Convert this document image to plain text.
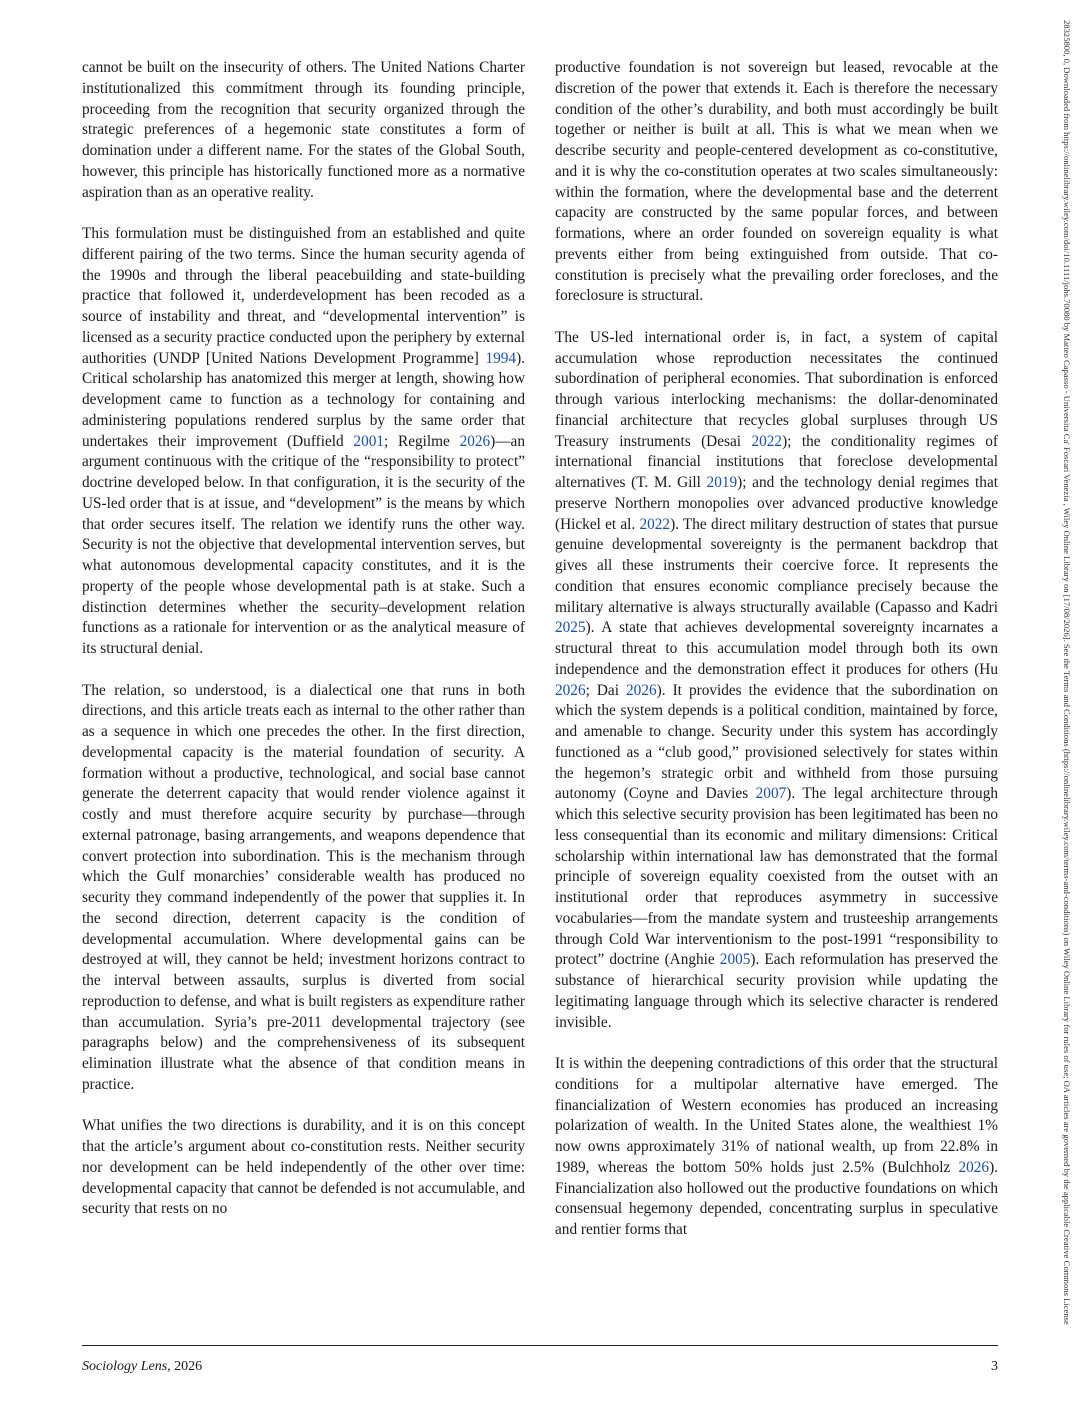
cannot be built on the insecurity of others. The United Nations Charter institutionalized this commitment through its founding principle, proceeding from the recognition that security organized through the strategic preferences of a hegemonic state constitutes a form of domination under a different name. For the states of the Global South, however, this principle has historically functioned more as a normative aspiration than as an operative reality.

This formulation must be distinguished from an established and quite different pairing of the two terms. Since the human security agenda of the 1990s and through the liberal peacebuilding and state-building practice that followed it, underdevelopment has been recoded as a source of instability and threat, and “developmental intervention” is licensed as a security practice conducted upon the periphery by external authorities (UNDP [United Nations Development Programme] 1994). Critical scholarship has anatomized this merger at length, showing how development came to function as a technology for containing and administering populations rendered surplus by the same order that undertakes their improvement (Duffield 2001; Regilme 2026)—an argument continuous with the critique of the “responsibility to protect” doctrine developed below. In that configuration, it is the security of the US-led order that is at issue, and “development” is the means by which that order secures itself. The relation we identify runs the other way. Security is not the objective that developmental intervention serves, but what autonomous developmental capacity constitutes, and it is the property of the people whose developmental path is at stake. Such a distinction determines whether the security–development relation functions as a rationale for intervention or as the analytical measure of its structural denial.

The relation, so understood, is a dialectical one that runs in both directions, and this article treats each as internal to the other rather than as a sequence in which one precedes the other. In the first direction, developmental capacity is the material foundation of security. A formation without a productive, technological, and social base cannot generate the deterrent capacity that would render violence against it costly and must therefore acquire security by purchase—through external patronage, basing arrangements, and weapons dependence that convert protection into subordination. This is the mechanism through which the Gulf monarchies’ considerable wealth has produced no security they command independently of the power that supplies it. In the second direction, deterrent capacity is the condition of developmental accumulation. Where developmental gains can be destroyed at will, they cannot be held; investment horizons contract to the interval between assaults, surplus is diverted from social reproduction to defense, and what is built registers as expenditure rather than accumulation. Syria’s pre-2011 developmental trajectory (see paragraphs below) and the comprehensiveness of its subsequent elimination illustrate what the absence of that condition means in practice.

What unifies the two directions is durability, and it is on this concept that the article’s argument about co-constitution rests. Neither security nor development can be held independently of the other over time: developmental capacity that cannot be defended is not accumulable, and security that rests on no

productive foundation is not sovereign but leased, revocable at the discretion of the power that extends it. Each is therefore the necessary condition of the other’s durability, and both must accordingly be built together or neither is built at all. This is what we mean when we describe security and people-centered development as co-constitutive, and it is why the co-constitution operates at two scales simultaneously: within the formation, where the developmental base and the deterrent capacity are constructed by the same popular forces, and between formations, where an order founded on sovereign equality is what prevents either from being extinguished from outside. That co-constitution is precisely what the prevailing order forecloses, and the foreclosure is structural.

The US-led international order is, in fact, a system of capital accumulation whose reproduction necessitates the continued subordination of peripheral economies. That subordination is enforced through various interlocking mechanisms: the dollar-denominated financial architecture that recycles global surpluses through US Treasury instruments (Desai 2022); the conditionality regimes of international financial institutions that foreclose developmental alternatives (T. M. Gill 2019); and the technology denial regimes that preserve Northern monopolies over advanced productive knowledge (Hickel et al. 2022). The direct military destruction of states that pursue genuine developmental sovereignty is the permanent backdrop that gives all these instruments their coercive force. It represents the condition that ensures economic compliance precisely because the military alternative is always structurally available (Capasso and Kadri 2025). A state that achieves developmental sovereignty incarnates a structural threat to this accumulation model through both its own independence and the demonstration effect it produces for others (Hu 2026; Dai 2026). It provides the evidence that the subordination on which the system depends is a political condition, maintained by force, and amenable to change. Security under this system has accordingly functioned as a “club good,” provisioned selectively for states within the hegemon’s strategic orbit and withheld from those pursuing autonomy (Coyne and Davies 2007). The legal architecture through which this selective security provision has been legitimated has been no less consequential than its economic and military dimensions: Critical scholarship within international law has demonstrated that the formal principle of sovereign equality coexisted from the outset with an institutional order that reproduces asymmetry in successive vocabularies—from the mandate system and trusteeship arrangements through Cold War interventionism to the post-1991 “responsibility to protect” doctrine (Anghie 2005). Each reformulation has preserved the substance of hierarchical security provision while updating the legitimating language through which its selective character is rendered invisible.

It is within the deepening contradictions of this order that the structural conditions for a multipolar alternative have emerged. The financialization of Western economies has produced an increasing polarization of wealth. In the United States alone, the wealthiest 1% now owns approximately 31% of national wealth, up from 22.8% in 1989, whereas the bottom 50% holds just 2.5% (Bulchholz 2026). Financialization also hollowed out the productive foundations on which consensual hegemony depended, concentrating surplus in speculative and rentier forms that

Sociology Lens, 2026	3
28325800, 0, Downloaded from https://onlinelibrary.wiley.com/doi/10.1111/johs.70080 by Matteo Capasso - Universita Ca' Foscari Venezia , Wiley Online Library on [17/08/2026]. See the Terms and Conditions (https://onlinelibrary.wiley.com/terms-and-conditions) on Wiley Online Library for rules of use; OA articles are governed by the applicable Creative Commons License
